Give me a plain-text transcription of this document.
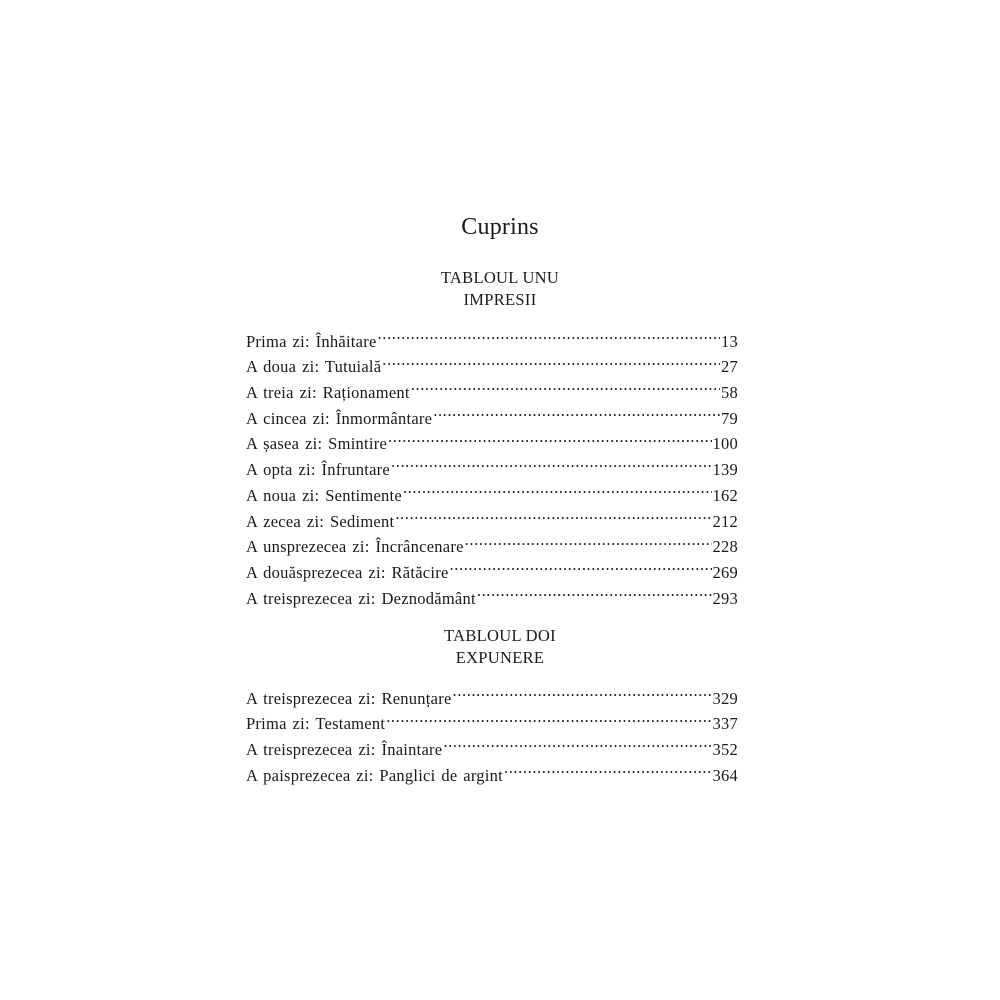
Cuprins
TABLOUL UNU
IMPRESII
Prima zi: Înhăitare .....	13
A doua zi: Tutuială .....	27
A treia zi: Raționament .....	58
A cincea zi: Înmormântare .....	79
A șasea zi: Smintire .....	100
A opta zi: Înfruntare .....	139
A noua zi: Sentimente .....	162
A zecea zi: Sediment .....	212
A unsprezecea zi: Încrâncenare .....	228
A douăsprezecea zi: Rătăcire .....	269
A treisprezecea zi: Deznodământ .....	293
TABLOUL DOI
EXPUNERE
A treisprezecea zi: Renunțare .....	329
Prima zi: Testament .....	337
A treisprezecea zi: Înaintare .....	352
A paisprezecea zi: Panglici de argint .....	364
